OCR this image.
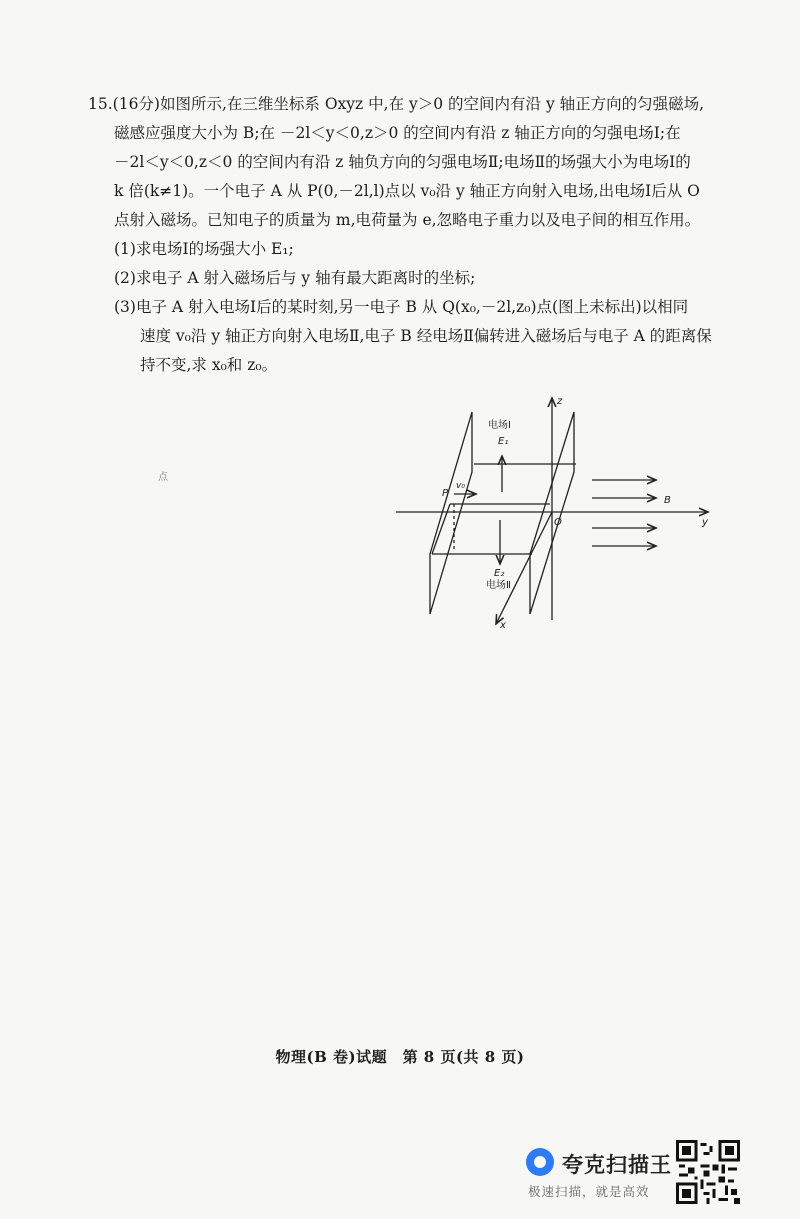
15.(16分)如图所示,在三维坐标系 Oxyz 中,在 y＞0 的空间内有沿 y 轴正方向的匀强磁场,

磁感应强度大小为 B;在 －2l＜y＜0,z＞0 的空间内有沿 z 轴正方向的匀强电场Ⅰ;在

－2l＜y＜0,z＜0 的空间内有沿 z 轴负方向的匀强电场Ⅱ;电场Ⅱ的场强大小为电场Ⅰ的

k 倍(k≠1)。一个电子 A 从 P(0,－2l,l)点以 v₀沿 y 轴正方向射入电场,出电场Ⅰ后从 O

点射入磁场。已知电子的质量为 m,电荷量为 e,忽略电子重力以及电子间的相互作用。

(1)求电场Ⅰ的场强大小 E₁;

(2)求电子 A 射入磁场后与 y 轴有最大距离时的坐标;

(3)电子 A 射入电场Ⅰ后的某时刻,另一电子 B 从 Q(x₀,－2l,z₀)点(图上未标出)以相同

速度 v₀沿 y 轴正方向射入电场Ⅱ,电子 B 经电场Ⅱ偏转进入磁场后与电子 A 的距离保

持不变,求 x₀和 z₀。

点
电场Ⅰ
E₁
电场Ⅱ
E₂
P
v₀
B
O	y
z
x
物理(B 卷)试题　第 8 页(共 8 页)
夸克扫描王
极速扫描，就是高效
